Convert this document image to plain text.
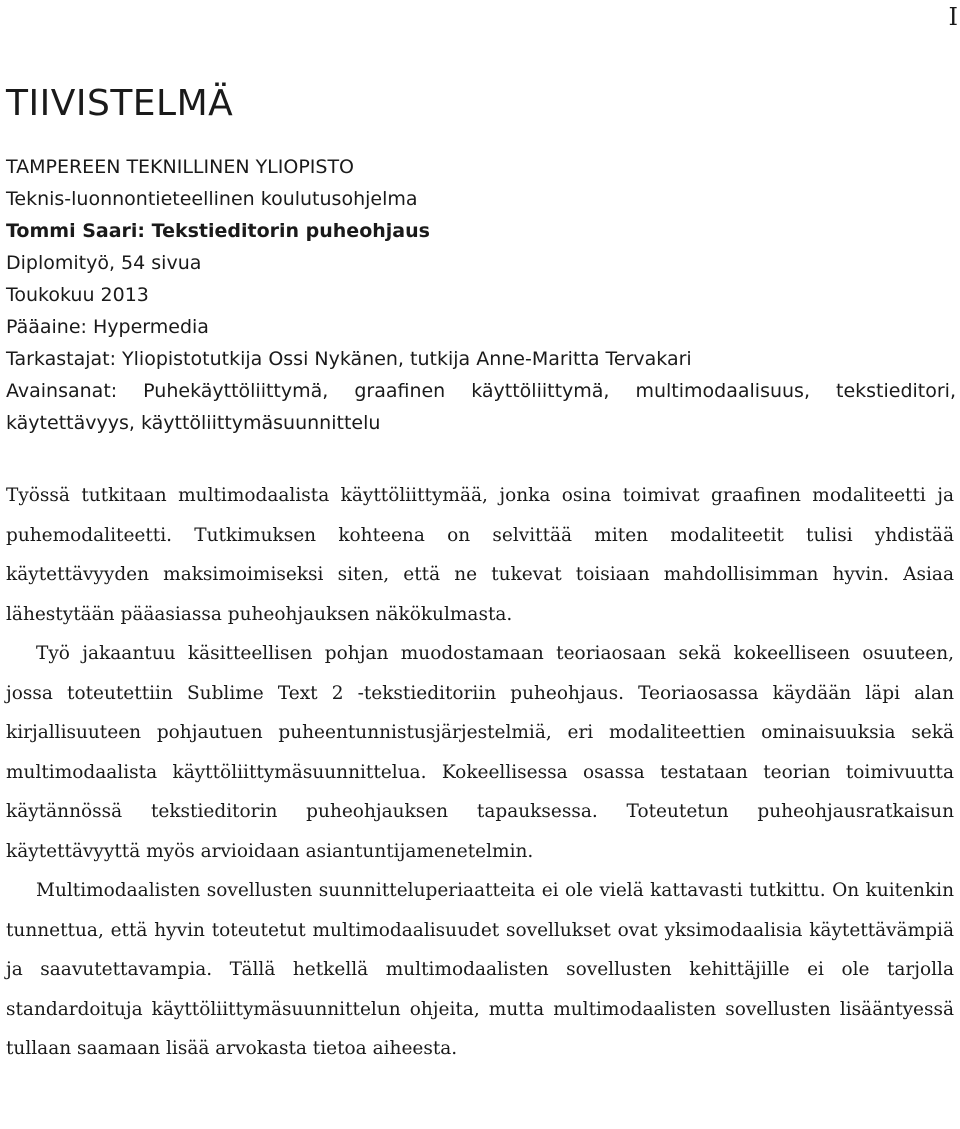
I
TIIVISTELMÄ
TAMPEREEN TEKNILLINEN YLIOPISTO
Teknis-luonnontieteellinen koulutusohjelma
Tommi Saari: Tekstieditorin puheohjaus
Diplomityö, 54 sivua
Toukokuu 2013
Pääaine: Hypermedia
Tarkastajat: Yliopistotutkija Ossi Nykänen, tutkija Anne-Maritta Tervakari
Avainsanat: Puhekäyttöliittymä, graafinen käyttöliittymä, multimodaalisuus, tekstieditori, käytettävyys, käyttöliittymäsuunnittelu

Työssä tutkitaan multimodaalista käyttöliittymää, jonka osina toimivat graafinen modaliteetti ja puhemodaliteetti. Tutkimuksen kohteena on selvittää miten modaliteetit tulisi yhdistää käytettävyyden maksimoimiseksi siten, että ne tukevat toisiaan mahdollisimman hyvin. Asiaa lähestytään pääasiassa puheohjauksen näkökulmasta.

Työ jakaantuu käsitteellisen pohjan muodostamaan teoriaosaan sekä kokeelliseen osuuteen, jossa toteutettiin Sublime Text 2 -tekstieditoriin puheohjaus. Teoriaosassa käydään läpi alan kirjallisuuteen pohjautuen puheentunnistusjärjestelmiä, eri modaliteettien ominaisuuksia sekä multimodaalista käyttöliittymäsuunnittelua. Kokeellisessa osassa testataan teorian toimivuutta käytännössä tekstieditorin puheohjauksen tapauksessa. Toteutetun puheohjausratkaisun käytettävyyttä myös arvioidaan asiantuntijamenetelmin.

Multimodaalisten sovellusten suunnitteluperiaatteita ei ole vielä kattavasti tutkittu. On kuitenkin tunnettua, että hyvin toteutetut multimodaalisuudet sovellukset ovat yksimodaalisia käytettävämpiä ja saavutettavampia. Tällä hetkellä multimodaalisten sovellusten kehittäjille ei ole tarjolla standardoituja käyttöliittymäsuunnittelun ohjeita, mutta multimodaalisten sovellusten lisääntyessä tullaan saamaan lisää arvokasta tietoa aiheesta.
